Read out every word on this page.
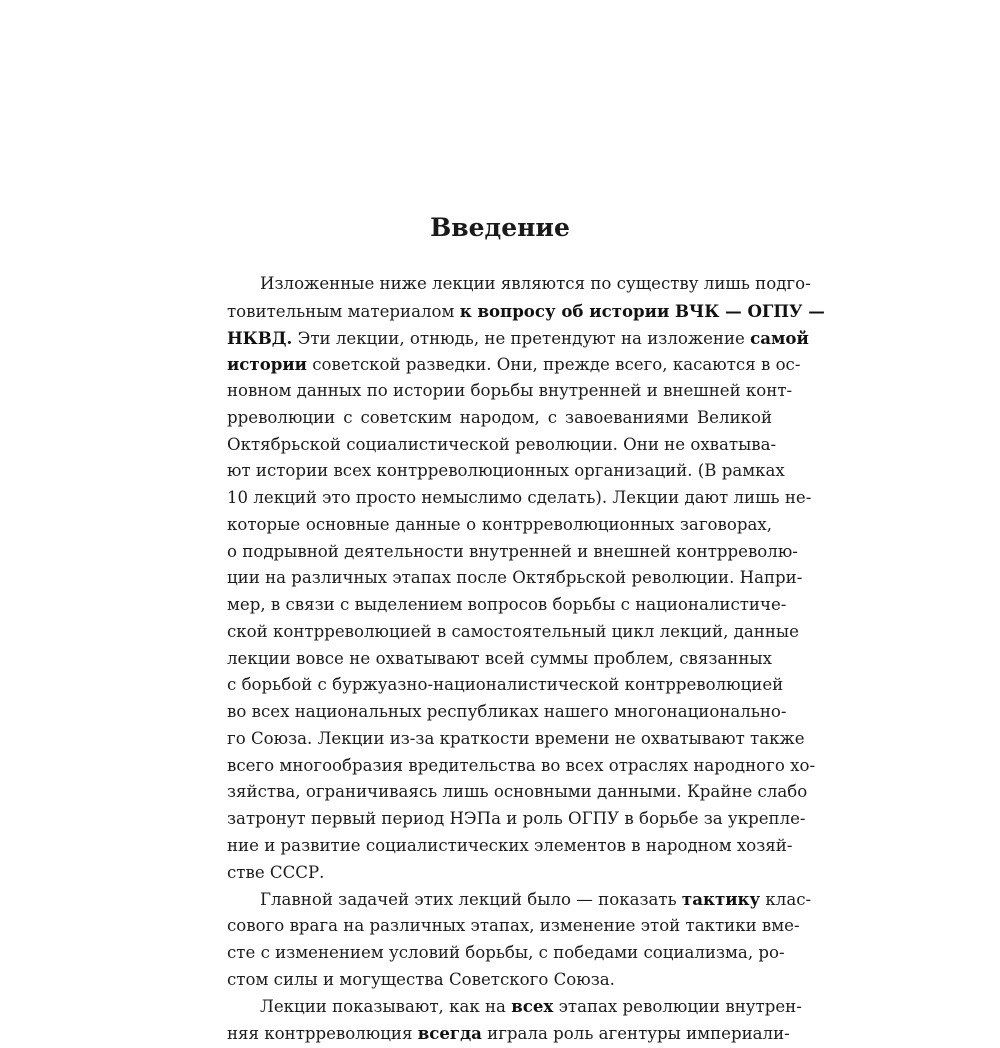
Введение
Изложенные ниже лекции являются по существу лишь подго-
товительным материалом к вопросу об истории ВЧК — ОГПУ —
НКВД. Эти лекции, отнюдь, не претендуют на изложение самой
истории советской разведки. Они, прежде всего, касаются в ос-
новном данных по истории борьбы внутренней и внешней конт-
рреволюции с советским народом, с завоеваниями Великой
Октябрьской социалистической революции. Они не охватыва-
ют истории всех контрреволюционных организаций. (В рамках
10 лекций это просто немыслимо сделать). Лекции дают лишь не-
которые основные данные о контрреволюционных заговорах,
о подрывной деятельности внутренней и внешней контрреволю-
ции на различных этапах после Октябрьской революции. Напри-
мер, в связи с выделением вопросов борьбы с националистиче-
ской контрреволюцией в самостоятельный цикл лекций, данные
лекции вовсе не охватывают всей суммы проблем, связанных
с борьбой с буржуазно-националистической контрреволюцией
во всех национальных республиках нашего многонационально-
го Союза. Лекции из-за краткости времени не охватывают также
всего многообразия вредительства во всех отраслях народного хо-
зяйства, ограничиваясь лишь основными данными. Крайне слабо
затронут первый период НЭПа и роль ОГПУ в борьбе за укрепле-
ние и развитие социалистических элементов в народном хозяй-
стве СССР.
Главной задачей этих лекций было — показать тактику клас-
сового врага на различных этапах, изменение этой тактики вме-
сте с изменением условий борьбы, с победами социализма, ро-
стом силы и могущества Советского Союза.
Лекции показывают, как на всех этапах революции внутрен-
няя контрреволюция всегда играла роль агентуры империали-
